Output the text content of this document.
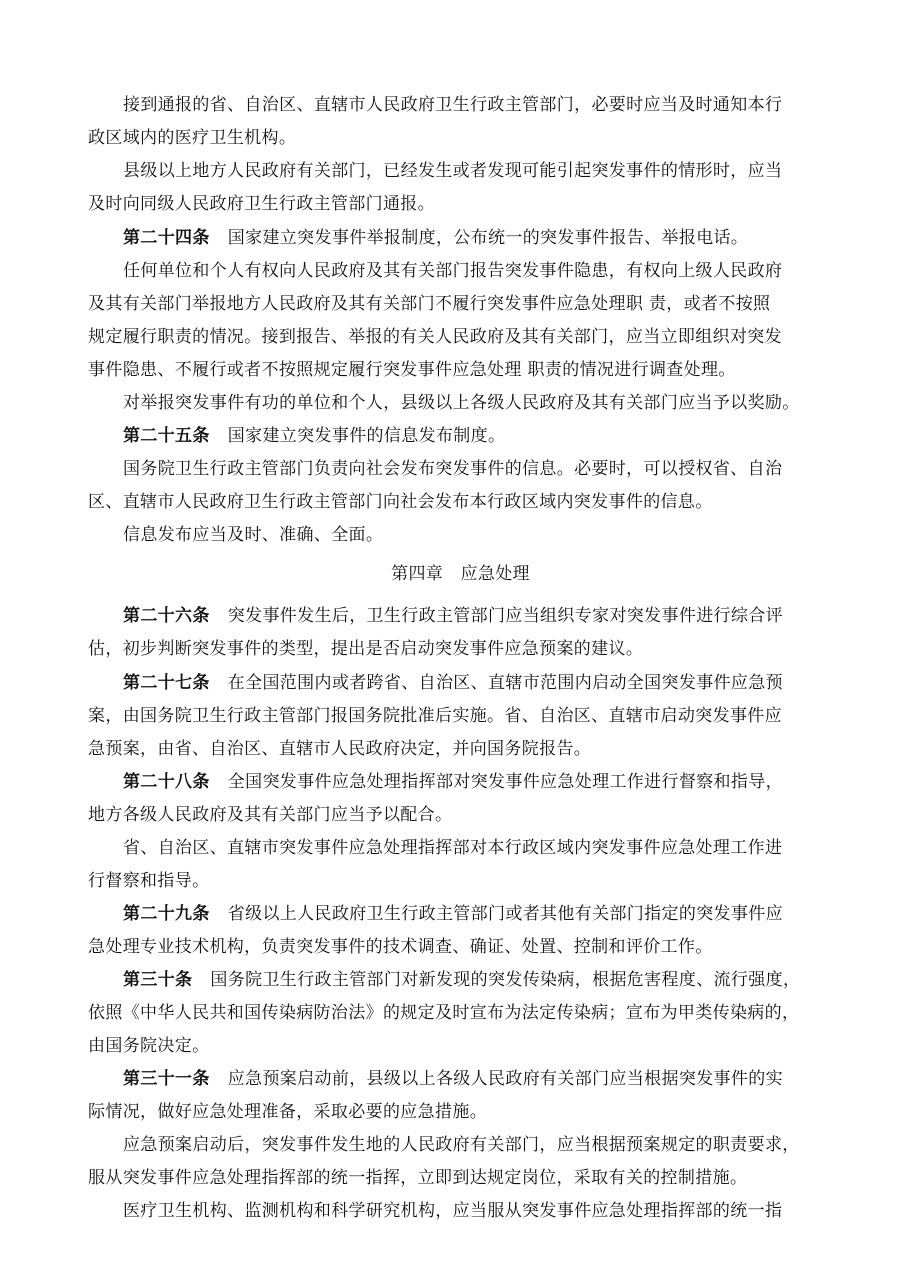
接到通报的省、自治区、直辖市人民政府卫生行政主管部门，必要时应当及时通知本行
政区域内的医疗卫生机构。
县级以上地方人民政府有关部门，已经发生或者发现可能引起突发事件的情形时，应当
及时向同级人民政府卫生行政主管部门通报。
第二十四条 国家建立突发事件举报制度，公布统一的突发事件报告、举报电话。
任何单位和个人有权向人民政府及其有关部门报告突发事件隐患，有权向上级人民政府
及其有关部门举报地方人民政府及其有关部门不履行突发事件应急处理职 责，或者不按照
规定履行职责的情况。接到报告、举报的有关人民政府及其有关部门，应当立即组织对突发
事件隐患、不履行或者不按照规定履行突发事件应急处理 职责的情况进行调查处理。
对举报突发事件有功的单位和个人，县级以上各级人民政府及其有关部门应当予以奖励。
第二十五条 国家建立突发事件的信息发布制度。
国务院卫生行政主管部门负责向社会发布突发事件的信息。必要时，可以授权省、自治
区、直辖市人民政府卫生行政主管部门向社会发布本行政区域内突发事件的信息。
信息发布应当及时、准确、全面。
第四章　应急处理
第二十六条 突发事件发生后，卫生行政主管部门应当组织专家对突发事件进行综合评
估，初步判断突发事件的类型，提出是否启动突发事件应急预案的建议。
第二十七条 在全国范围内或者跨省、自治区、直辖市范围内启动全国突发事件应急预
案，由国务院卫生行政主管部门报国务院批准后实施。省、自治区、直辖市启动突发事件应
急预案，由省、自治区、直辖市人民政府决定，并向国务院报告。
第二十八条 全国突发事件应急处理指挥部对突发事件应急处理工作进行督察和指导，
地方各级人民政府及其有关部门应当予以配合。
省、自治区、直辖市突发事件应急处理指挥部对本行政区域内突发事件应急处理工作进
行督察和指导。
第二十九条 省级以上人民政府卫生行政主管部门或者其他有关部门指定的突发事件应
急处理专业技术机构，负责突发事件的技术调查、确证、处置、控制和评价工作。
第三十条 国务院卫生行政主管部门对新发现的突发传染病，根据危害程度、流行强度，
依照《中华人民共和国传染病防治法》的规定及时宣布为法定传染病；宣布为甲类传染病的，
由国务院决定。
第三十一条 应急预案启动前，县级以上各级人民政府有关部门应当根据突发事件的实
际情况，做好应急处理准备，采取必要的应急措施。
应急预案启动后，突发事件发生地的人民政府有关部门，应当根据预案规定的职责要求，
服从突发事件应急处理指挥部的统一指挥，立即到达规定岗位，采取有关的控制措施。
医疗卫生机构、监测机构和科学研究机构，应当服从突发事件应急处理指挥部的统一指
